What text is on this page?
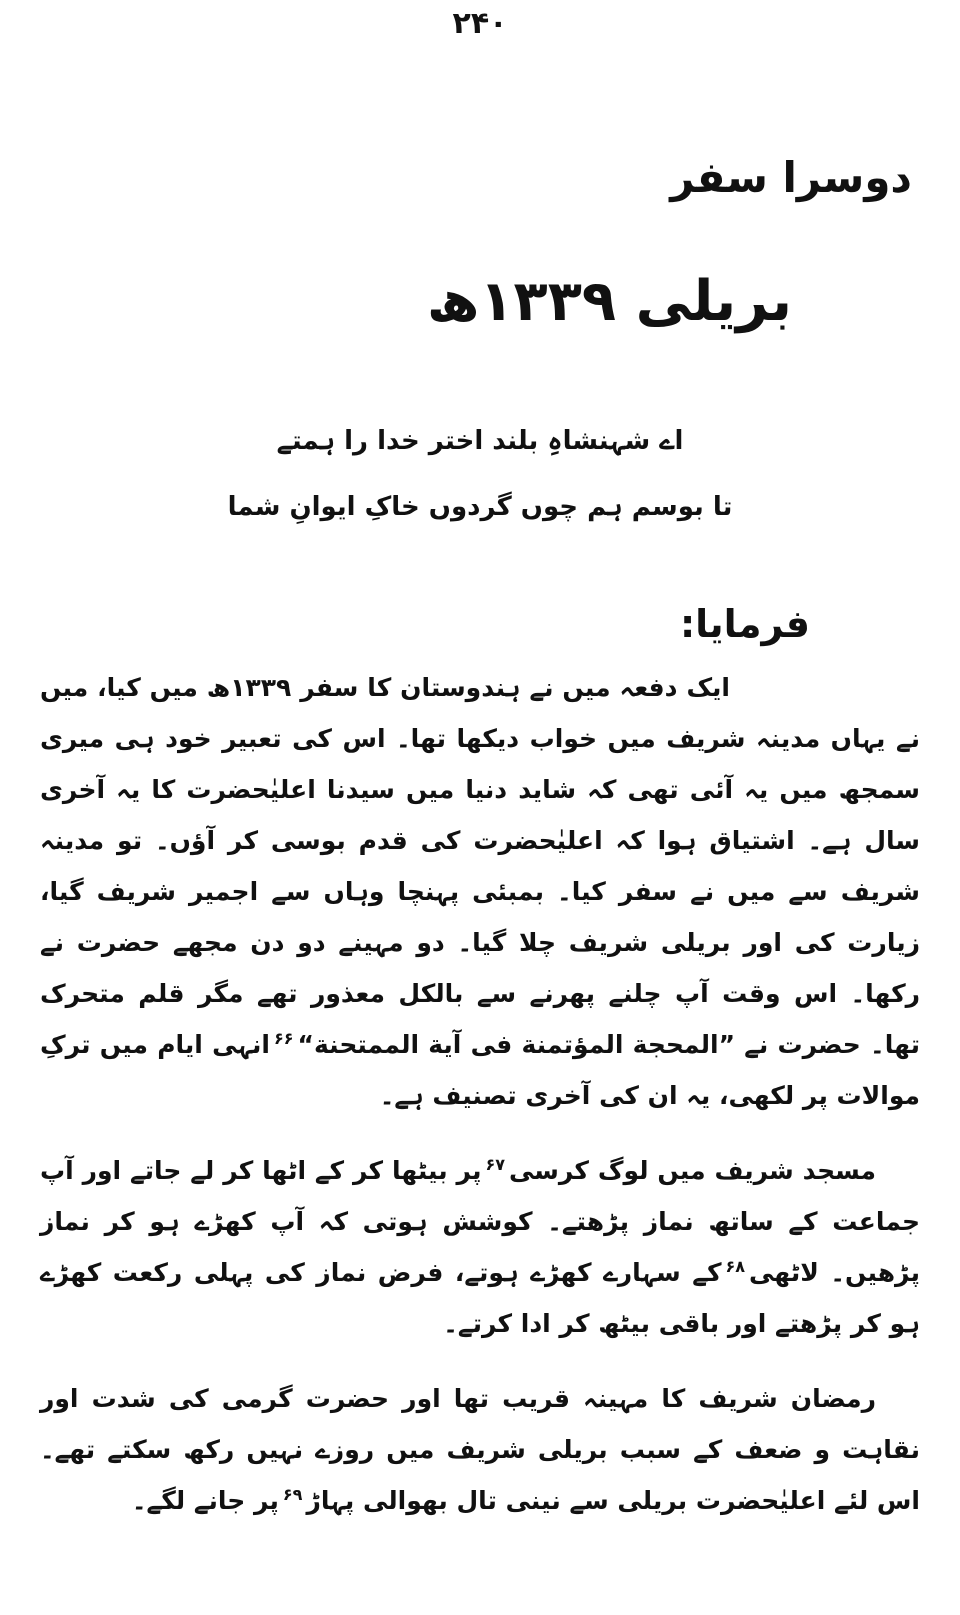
۲۴۰
دوسرا سفر
بریلی ۱۳۳۹ھ
اے شہنشاہِ بلند اختر خدا را ہمتے
تا بوسم ہم چوں گردوں خاکِ ایوانِ شما
فرمایا:

ایک دفعہ میں نے ہندوستان کا سفر ۱۳۳۹ھ میں کیا، میں نے یہاں مدینہ شریف میں خواب دیکھا تھا۔ اس کی تعبیر خود ہی میری سمجھ میں یہ آئی تھی کہ شاید دنیا میں سیدنا اعلیٰحضرت کا یہ آخری سال ہے۔ اشتیاق ہوا کہ اعلیٰحضرت کی قدم بوسی کر آؤں۔ تو مدینہ شریف سے میں نے سفر کیا۔ بمبئی پہنچا وہاں سے اجمیر شریف گیا، زیارت کی اور بریلی شریف چلا گیا۔ دو مہینے دو دن مجھے حضرت نے رکھا۔ اس وقت آپ چلنے پھرنے سے بالکل معذور تھے مگر قلم متحرک تھا۔ حضرت نے ”المحجة المؤتمنة فی آیة الممتحنة“$^{۶۶}$انہی ایام میں ترکِ موالات پر لکھی، یہ ان کی آخری تصنیف ہے۔

مسجد شریف میں لوگ کرسی$^{۶۷}$پر بیٹھا کر کے اٹھا کر لے جاتے اور آپ جماعت کے ساتھ نماز پڑھتے۔ کوشش ہوتی کہ آپ کھڑے ہو کر نماز پڑھیں۔ لاٹھی$^{۶۸}$کے سہارے کھڑے ہوتے، فرض نماز کی پہلی رکعت کھڑے ہو کر پڑھتے اور باقی بیٹھ کر ادا کرتے۔

رمضان شریف کا مہینہ قریب تھا اور حضرت گرمی کی شدت اور نقاہت و ضعف کے سبب بریلی شریف میں روزے نہیں رکھ سکتے تھے۔ اس لئے اعلیٰحضرت بریلی سے نینی تال بھوالی پہاڑ$^{۶۹}$پر جانے لگے۔
